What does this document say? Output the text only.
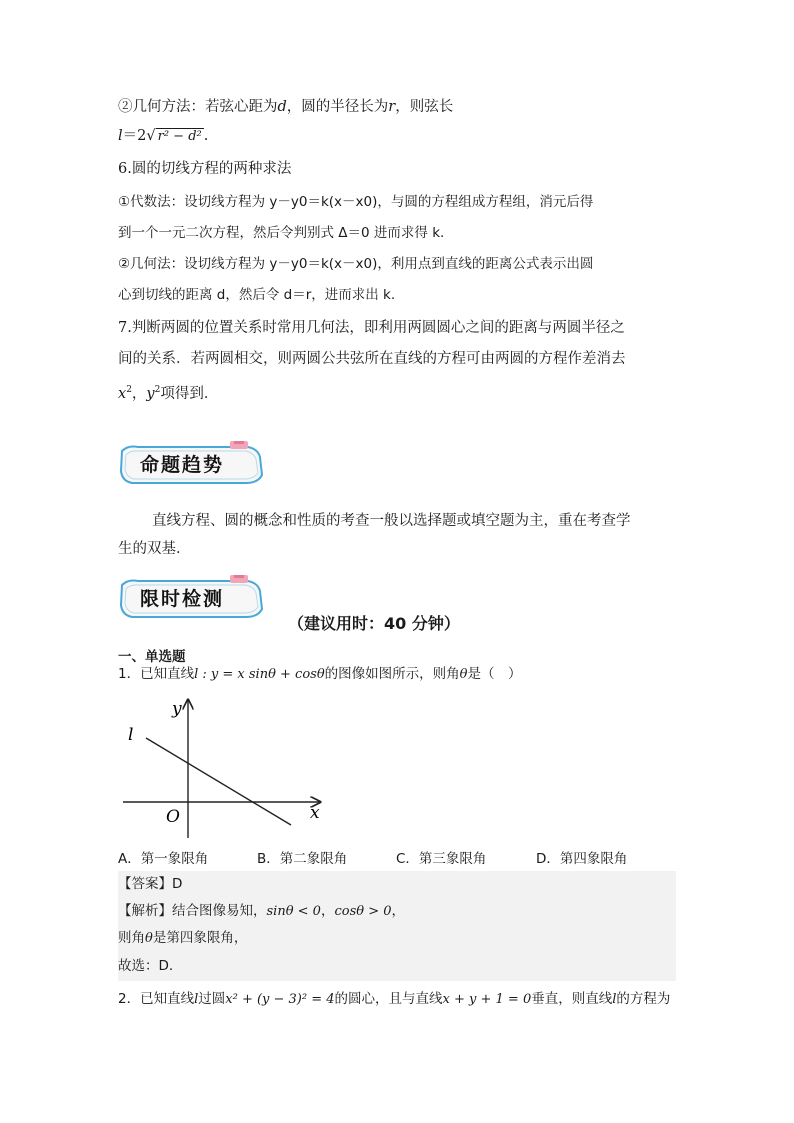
②几何方法：若弦心距为d，圆的半径长为r，则弦长
l＝2√ r² − d² .
6.圆的切线方程的两种求法
①代数法：设切线方程为 y－y0＝k(x－x0)，与圆的方程组成方程组，消元后得
到一个一元二次方程，然后令判别式 Δ＝0 进而求得 k.
②几何法：设切线方程为 y－y0＝k(x－x0)，利用点到直线的距离公式表示出圆
心到切线的距离 d，然后令 d＝r，进而求出 k.
7.判断两圆的位置关系时常用几何法，即利用两圆圆心之间的距离与两圆半径之
间的关系．若两圆相交，则两圆公共弦所在直线的方程可由两圆的方程作差消去
$x^2$，$y^2$项得到．
命题趋势
直线方程、圆的概念和性质的考查一般以选择题或填空题为主，重在考查学
生的双基．
限时检测
（建议用时：40 分钟）
一、单选题
1．已知直线l : y = x sinθ + cosθ的图像如图所示，则角θ是（　）
y
x
O
l
A．第一象限角	B．第二象限角	C．第三象限角	D．第四象限角
【答案】D
【解析】结合图像易知，sinθ < 0，cosθ > 0，
则角θ是第四象限角，
故选：D.
2．已知直线l过圆x² + (y − 3)² = 4的圆心，且与直线x + y + 1 = 0垂直，则直线l的方程为
